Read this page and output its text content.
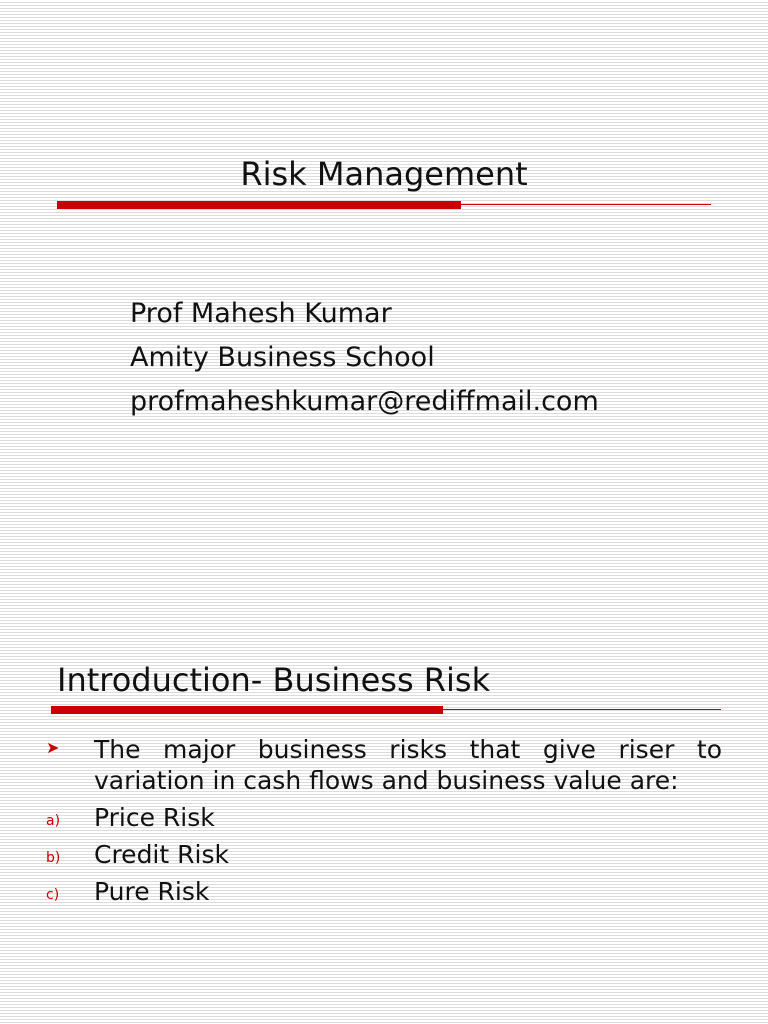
Risk Management
Prof Mahesh Kumar
Amity Business School
profmaheshkumar@rediffmail.com
Introduction- Business Risk
➤ The major business risks that give riser to variation in cash flows and business value are:
a) Price Risk
b) Credit Risk
c) Pure Risk
